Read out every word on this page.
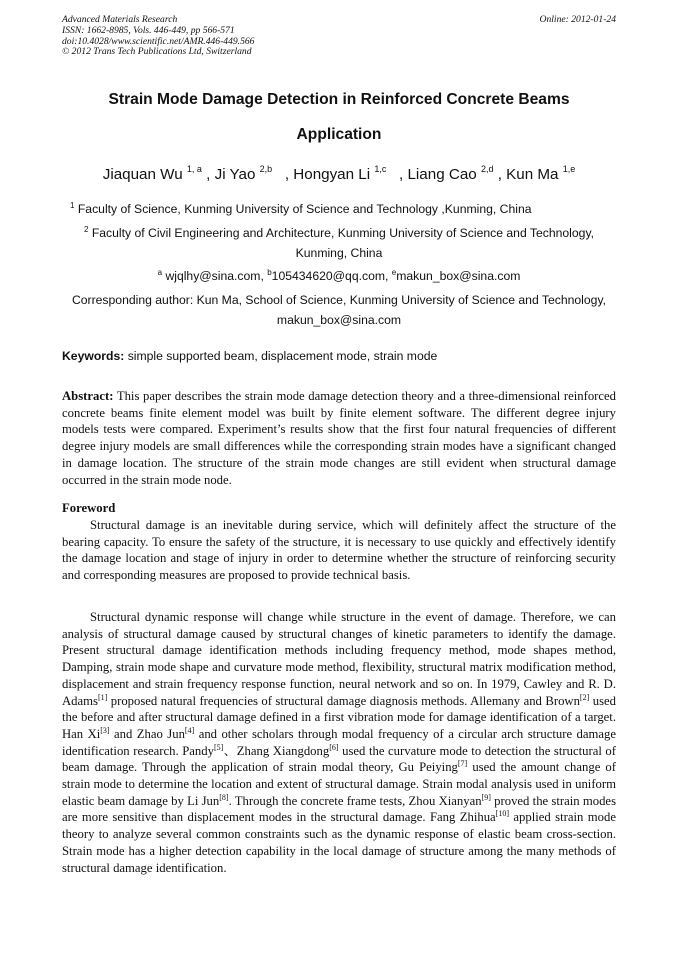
Advanced Materials Research
ISSN: 1662-8985, Vols. 446-449, pp 566-571
doi:10.4028/www.scientific.net/AMR.446-449.566
© 2012 Trans Tech Publications Ltd, Switzerland
Online: 2012-01-24
Strain Mode Damage Detection in Reinforced Concrete Beams
Application
Jiaquan Wu $^{1, a}$ , Ji Yao $^{2,b}$   , Hongyan Li $^{1,c}$   , Liang Cao $^{2,d}$ , Kun Ma $^{1,e}$
$^1$ Faculty of Science, Kunming University of Science and Technology ,Kunming, China
$^2$ Faculty of Civil Engineering and Architecture, Kunming University of Science and Technology, Kunming, China
$^a$ wjqlhy@sina.com, $^b$105434620@qq.com, $^e$makun_box@sina.com
Corresponding author: Kun Ma, School of Science, Kunming University of Science and Technology, makun_box@sina.com
Keywords: simple supported beam, displacement mode, strain mode
Abstract: This paper describes the strain mode damage detection theory and a three-dimensional reinforced concrete beams finite element model was built by finite element software. The different degree injury models tests were compared. Experiment’s results show that the first four natural frequencies of different degree injury models are small differences while the corresponding strain modes have a significant changed in damage location. The structure of the strain mode changes are still evident when structural damage occurred in the strain mode node.
Foreword
Structural damage is an inevitable during service, which will definitely affect the structure of the bearing capacity. To ensure the safety of the structure, it is necessary to use quickly and effectively identify the damage location and stage of injury in order to determine whether the structure of reinforcing security and corresponding measures are proposed to provide technical basis.
Structural dynamic response will change while structure in the event of damage. Therefore, we can analysis of structural damage caused by structural changes of kinetic parameters to identify the damage. Present structural damage identification methods including frequency method, mode shapes method, Damping, strain mode shape and curvature mode method, flexibility, structural matrix modification method, displacement and strain frequency response function, neural network and so on. In 1979, Cawley and R. D. Adams[1] proposed natural frequencies of structural damage diagnosis methods. Allemany and Brown[2] used the before and after structural damage defined in a first vibration mode for damage identification of a target. Han Xi[3] and Zhao Jun[4] and other scholars through modal frequency of a circular arch structure damage identification research. Pandy[5]、Zhang Xiangdong[6] used the curvature mode to detection the structural of beam damage. Through the application of strain modal theory, Gu Peiying[7] used the amount change of strain mode to determine the location and extent of structural damage. Strain modal analysis used in uniform elastic beam damage by Li Jun[8]. Through the concrete frame tests, Zhou Xianyan[9] proved the strain modes are more sensitive than displacement modes in the structural damage. Fang Zhihua[10] applied strain mode theory to analyze several common constraints such as the dynamic response of elastic beam cross-section. Strain mode has a higher detection capability in the local damage of structure among the many methods of structural damage identification.
